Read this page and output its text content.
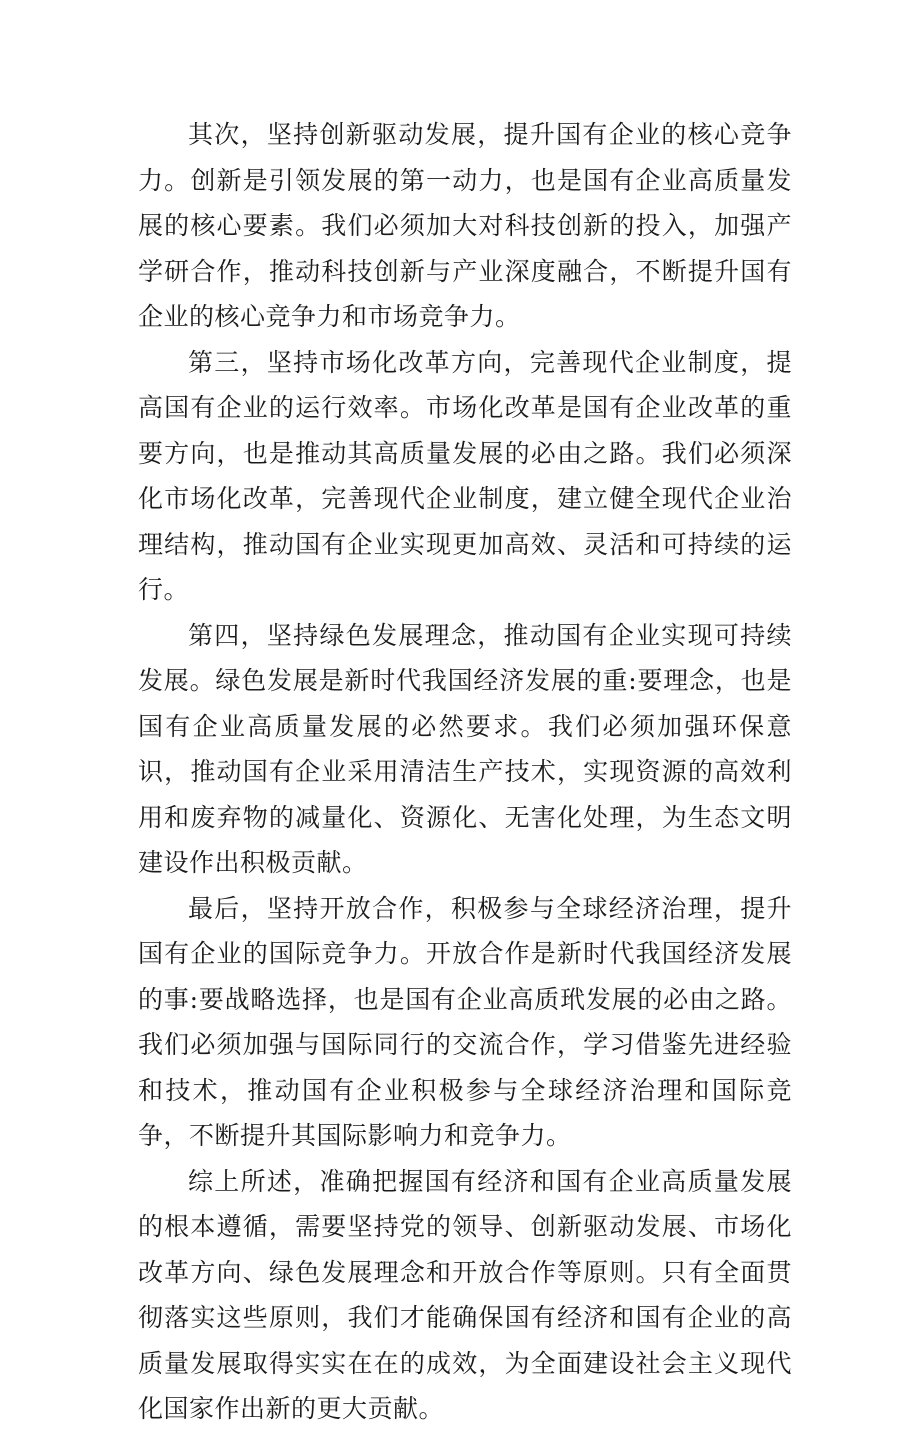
其次，坚持创新驱动发展，提升国有企业的核心竞争力。创新是引领发展的第一动力，也是国有企业高质量发展的核心要素。我们必须加大对科技创新的投入，加强产学研合作，推动科技创新与产业深度融合，不断提升国有企业的核心竞争力和市场竞争力。

第三，坚持市场化改革方向，完善现代企业制度，提高国有企业的运行效率。市场化改革是国有企业改革的重要方向，也是推动其高质量发展的必由之路。我们必须深化市场化改革，完善现代企业制度，建立健全现代企业治理结构，推动国有企业实现更加高效、灵活和可持续的运行。

第四，坚持绿色发展理念，推动国有企业实现可持续发展。绿色发展是新时代我国经济发展的重:要理念，也是国有企业高质量发展的必然要求。我们必须加强环保意识，推动国有企业采用清洁生产技术，实现资源的高效利用和废弃物的减量化、资源化、无害化处理，为生态文明建设作出积极贡献。

最后，坚持开放合作，积极参与全球经济治理，提升国有企业的国际竞争力。开放合作是新时代我国经济发展的事:要战略选择，也是国有企业高质玳发展的必由之路。我们必须加强与国际同行的交流合作，学习借鉴先进经验和技术，推动国有企业积极参与全球经济治理和国际竞争，不断提升其国际影响力和竞争力。

综上所述，准确把握国有经济和国有企业高质量发展的根本遵循，需要坚持党的领导、创新驱动发展、市场化改革方向、绿色发展理念和开放合作等原则。只有全面贯彻落实这些原则，我们才能确保国有经济和国有企业的高质量发展取得实实在在的成效，为全面建设社会主义现代化国家作出新的更大贡献。
